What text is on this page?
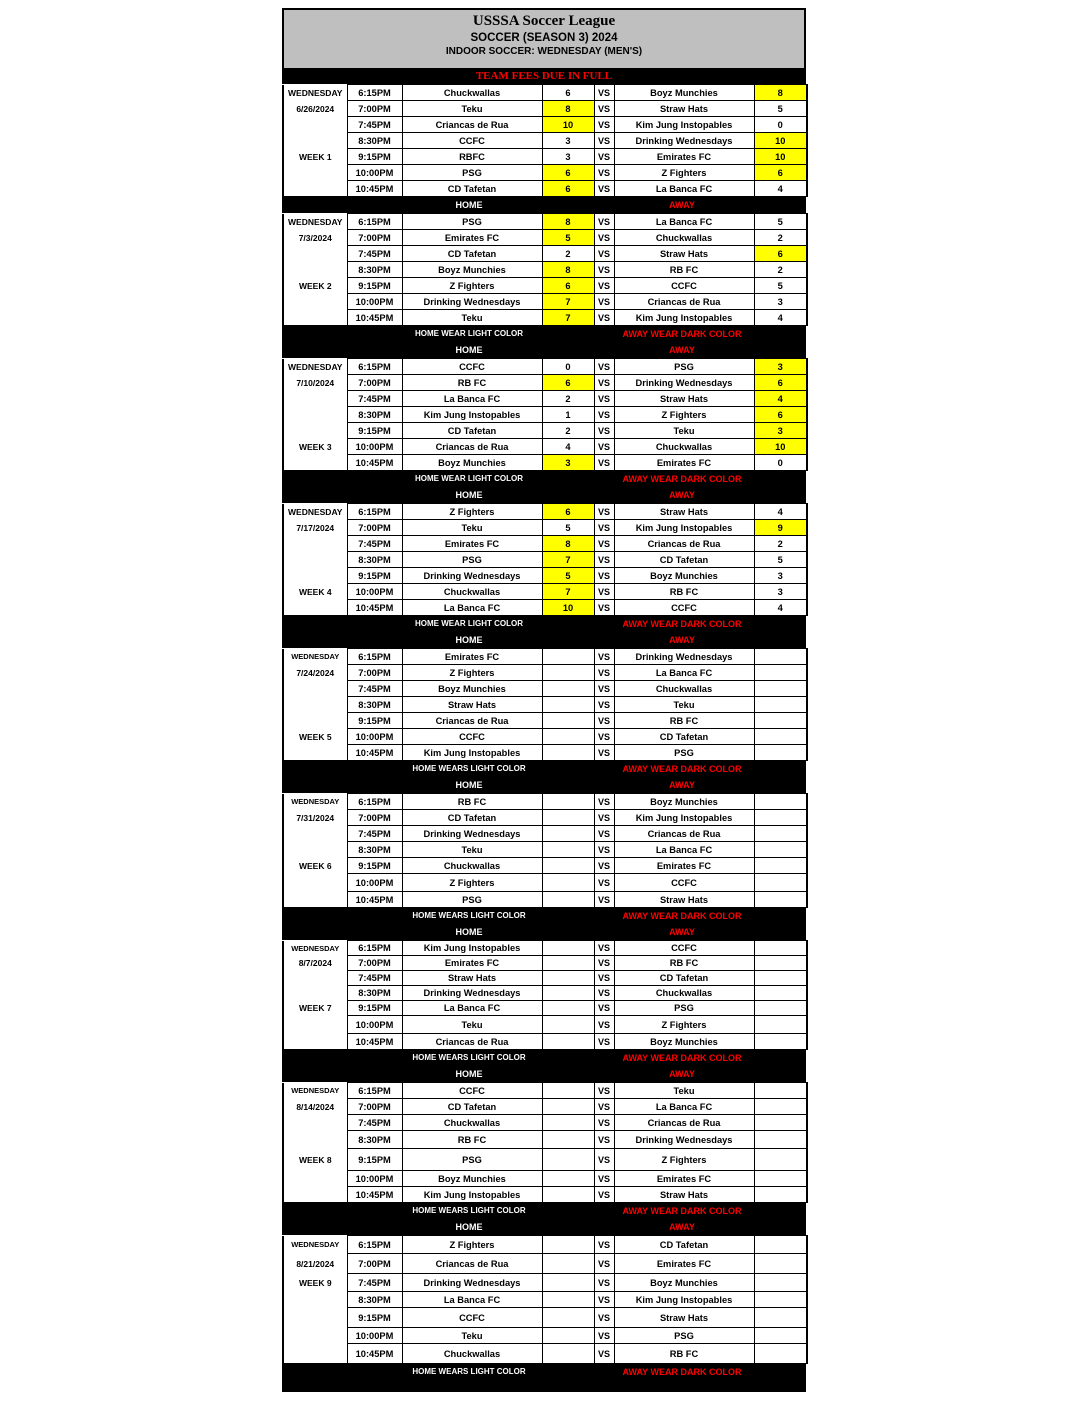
USSSA Soccer League
SOCCER (SEASON 3) 2024
INDOOR SOCCER: WEDNESDAY (MEN'S)
TEAM FEES DUE IN FULL
WEDNESDAY	6:15PM	Chuckwallas	6	VS	Boyz Munchies	8
6/26/2024	7:00PM	Teku	8	VS	Straw Hats	5
	7:45PM	Criancas de Rua	10	VS	Kim Jung Instopables	0
	8:30PM	CCFC	3	VS	Drinking Wednesdays	10
WEEK 1	9:15PM	RBFC	3	VS	Emirates FC	10
	10:00PM	PSG	6	VS	Z Fighters	6
	10:45PM	CD Tafetan	6	VS	La Banca FC	4
HOME	AWAY
WEDNESDAY	6:15PM	PSG	8	VS	La Banca FC	5
7/3/2024	7:00PM	Emirates FC	5	VS	Chuckwallas	2
	7:45PM	CD Tafetan	2	VS	Straw Hats	6
	8:30PM	Boyz Munchies	8	VS	RB FC	2
WEEK 2	9:15PM	Z Fighters	6	VS	CCFC	5
	10:00PM	Drinking Wednesdays	7	VS	Criancas de Rua	3
	10:45PM	Teku	7	VS	Kim Jung Instopables	4
HOME WEAR LIGHT COLOR	AWAY WEAR DARK COLOR
HOME	AWAY
WEDNESDAY	6:15PM	CCFC	0	VS	PSG	3
7/10/2024	7:00PM	RB FC	6	VS	Drinking Wednesdays	6
	7:45PM	La Banca FC	2	VS	Straw Hats	4
	8:30PM	Kim Jung Instopables	1	VS	Z Fighters	6
	9:15PM	CD Tafetan	2	VS	Teku	3
WEEK 3	10:00PM	Criancas de Rua	4	VS	Chuckwallas	10
	10:45PM	Boyz Munchies	3	VS	Emirates FC	0
HOME WEAR LIGHT COLOR	AWAY WEAR DARK COLOR
HOME	AWAY
WEDNESDAY	6:15PM	Z Fighters	6	VS	Straw Hats	4
7/17/2024	7:00PM	Teku	5	VS	Kim Jung Instopables	9
	7:45PM	Emirates FC	8	VS	Criancas de Rua	2
	8:30PM	PSG	7	VS	CD Tafetan	5
	9:15PM	Drinking Wednesdays	5	VS	Boyz Munchies	3
WEEK 4	10:00PM	Chuckwallas	7	VS	RB FC	3
	10:45PM	La Banca FC	10	VS	CCFC	4
HOME WEAR LIGHT COLOR	AWAY WEAR DARK COLOR
HOME	AWAY
WEDNESDAY	6:15PM	Emirates FC		VS	Drinking Wednesdays	
7/24/2024	7:00PM	Z Fighters		VS	La Banca FC	
	7:45PM	Boyz Munchies		VS	Chuckwallas	
	8:30PM	Straw Hats		VS	Teku	
	9:15PM	Criancas de Rua		VS	RB FC	
WEEK 5	10:00PM	CCFC		VS	CD Tafetan	
	10:45PM	Kim Jung Instopables		VS	PSG	
HOME WEARS LIGHT COLOR	AWAY WEAR DARK COLOR
HOME	AWAY
WEDNESDAY	6:15PM	RB FC		VS	Boyz Munchies	
7/31/2024	7:00PM	CD Tafetan		VS	Kim Jung Instopables	
	7:45PM	Drinking Wednesdays		VS	Criancas de Rua	
	8:30PM	Teku		VS	La Banca FC	
WEEK 6	9:15PM	Chuckwallas		VS	Emirates FC	
	10:00PM	Z Fighters		VS	CCFC	
	10:45PM	PSG		VS	Straw Hats	
HOME WEARS LIGHT COLOR	AWAY WEAR DARK COLOR
HOME	AWAY
WEDNESDAY	6:15PM	Kim Jung Instopables		VS	CCFC	
8/7/2024	7:00PM	Emirates FC		VS	RB FC	
	7:45PM	Straw Hats		VS	CD Tafetan	
	8:30PM	Drinking Wednesdays		VS	Chuckwallas	
WEEK 7	9:15PM	La Banca FC		VS	PSG	
	10:00PM	Teku		VS	Z Fighters	
	10:45PM	Criancas de Rua		VS	Boyz Munchies	
HOME WEARS LIGHT COLOR	AWAY WEAR DARK COLOR
HOME	AWAY
WEDNESDAY	6:15PM	CCFC		VS	Teku	
8/14/2024	7:00PM	CD Tafetan		VS	La Banca FC	
	7:45PM	Chuckwallas		VS	Criancas de Rua	
	8:30PM	RB FC		VS	Drinking Wednesdays	
WEEK 8	9:15PM	PSG		VS	Z Fighters	
	10:00PM	Boyz Munchies		VS	Emirates FC	
	10:45PM	Kim Jung Instopables		VS	Straw Hats	
HOME WEARS LIGHT COLOR	AWAY WEAR DARK COLOR
HOME	AWAY
WEDNESDAY	6:15PM	Z Fighters		VS	CD Tafetan	
8/21/2024	7:00PM	Criancas de Rua		VS	Emirates FC	
WEEK 9	7:45PM	Drinking Wednesdays		VS	Boyz Munchies	
	8:30PM	La Banca FC		VS	Kim Jung Instopables	
	9:15PM	CCFC		VS	Straw Hats	
	10:00PM	Teku		VS	PSG	
	10:45PM	Chuckwallas		VS	RB FC	
HOME WEARS LIGHT COLOR	AWAY WEAR DARK COLOR
